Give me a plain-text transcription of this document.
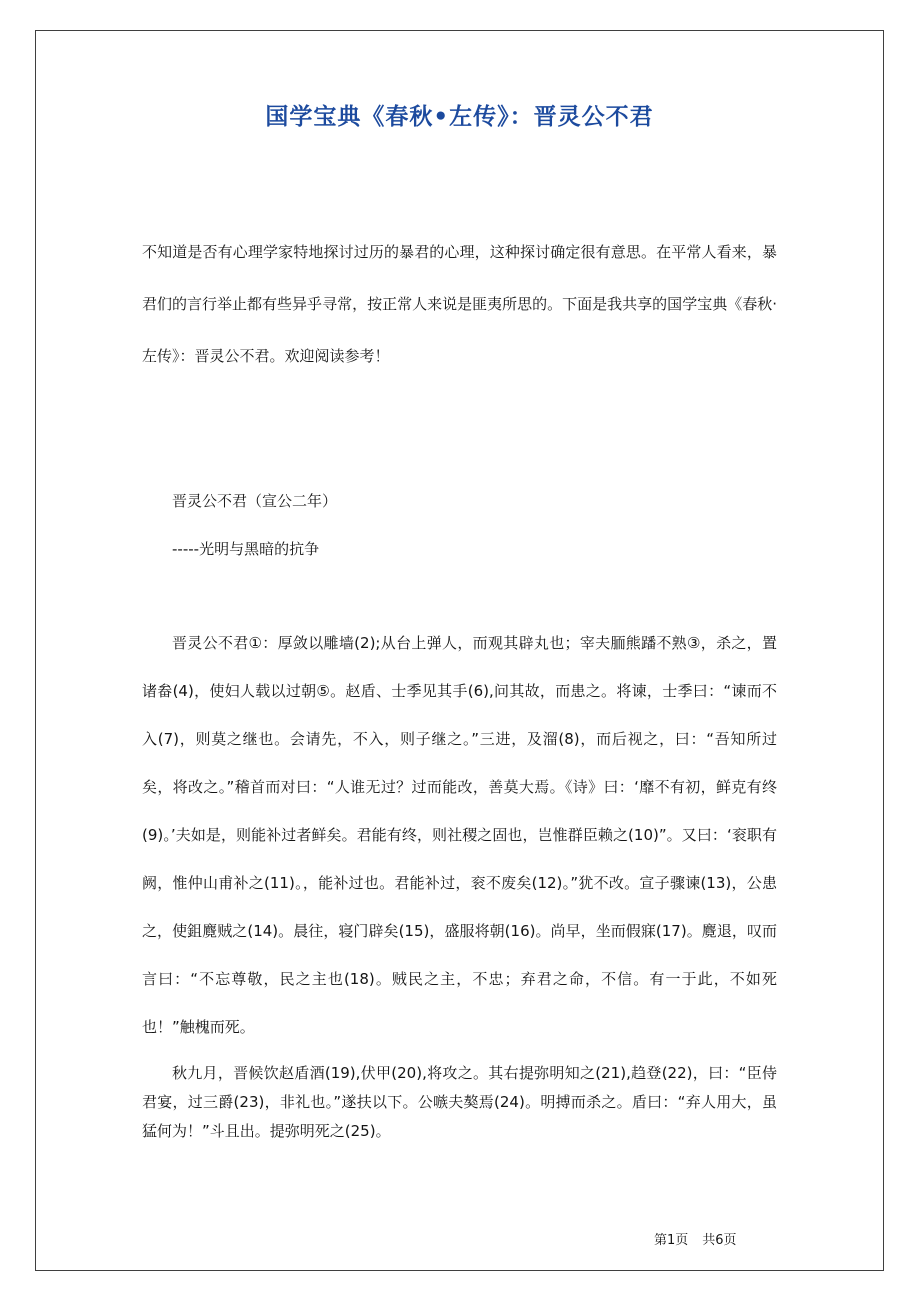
国学宝典《春秋•左传》：晋灵公不君

不知道是否有心理学家特地探讨过历的暴君的心理，这种探讨确定很有意思。在平常人看来，暴君们的言行举止都有些异乎寻常，按正常人来说是匪夷所思的。下面是我共享的国学宝典《春秋·左传》：晋灵公不君。欢迎阅读参考！

晋灵公不君（宣公二年）

-----光明与黑暗的抗争

晋灵公不君①：厚敛以雕墙(2);从台上弹人，而观其辟丸也；宰夫胹熊蹯不熟③，杀之，置诸畚(4)，使妇人载以过朝⑤。赵盾、士季见其手(6),问其故，而患之。将谏，士季曰：“谏而不入(7)，则莫之继也。会请先，不入，则子继之。”三进，及溜(8)，而后视之，曰：“吾知所过矣，将改之。”稽首而对曰：“人谁无过？过而能改，善莫大焉。《诗》曰：‘靡不有初，鲜克有终(9)。’夫如是，则能补过者鲜矣。君能有终，则社稷之固也，岂惟群臣赖之(10)”。又曰：‘衮职有阙，惟仲山甫补之(11)。，能补过也。君能补过，衮不废矣(12)。”犹不改。宣子骤谏(13)，公患之，使鉏麑贼之(14)。晨往，寝门辟矣(15)，盛服将朝(16)。尚早，坐而假寐(17)。麑退，叹而言曰：“不忘尊敬，民之主也(18)。贼民之主，不忠；弃君之命，不信。有一于此，不如死也！”触槐而死。

秋九月，晋候饮赵盾酒(19),伏甲(20),将攻之。其右提弥明知之(21),趋登(22)，曰：“臣侍君宴，过三爵(23)，非礼也。”遂扶以下。公嗾夫獒焉(24)。明搏而杀之。盾曰：“弃人用大，虽猛何为！”斗且出。提弥明死之(25)。

第1页 共6页
